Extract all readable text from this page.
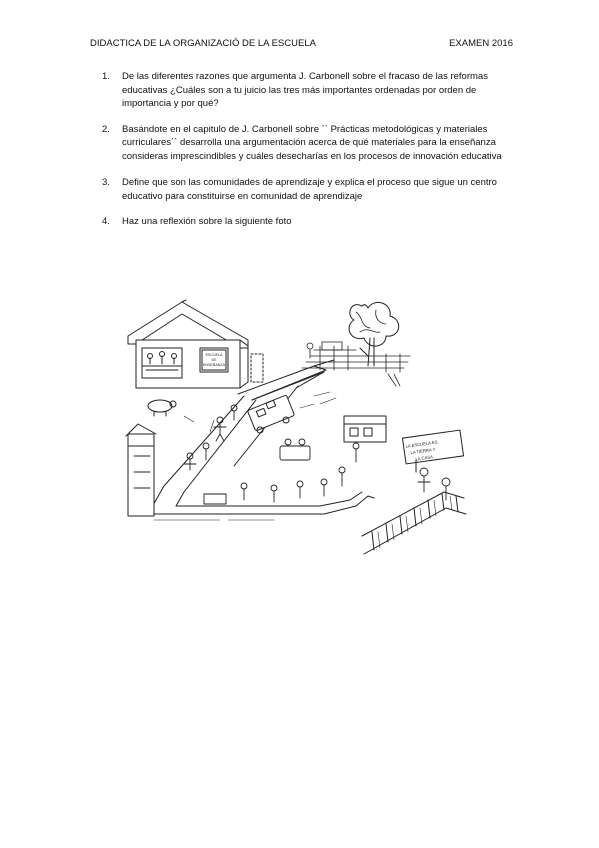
DIDACTICA DE LA ORGANIZACIÓ DE LA ESCUELA	EXAMEN 2016
1. De las diferentes razones que argumenta J. Carbonell sobre el fracaso de las reformas educativas ¿Cuáles son a tu juicio las tres más importantes ordenadas por orden de importancia y por qué?
2. Basándote en el capitulo de J. Carbonell sobre `` Prácticas metodológicas y materiales curriculares´´ desarrolla una argumentación acerca de qué materiales para la enseñanza consideras imprescindibles y cuáles desecharías en los procesos de innovación educativa
3. Define que son las comunidades de aprendizaje y explica el proceso que sigue un centro educativo para constituirse en comunidad de aprendizaje
4. Haz una reflexión sobre la siguiente foto
ESCUELA
DE
ENSEÑANZA
LA ESCUELA ES
LA TIERRA Y
LA CASA
